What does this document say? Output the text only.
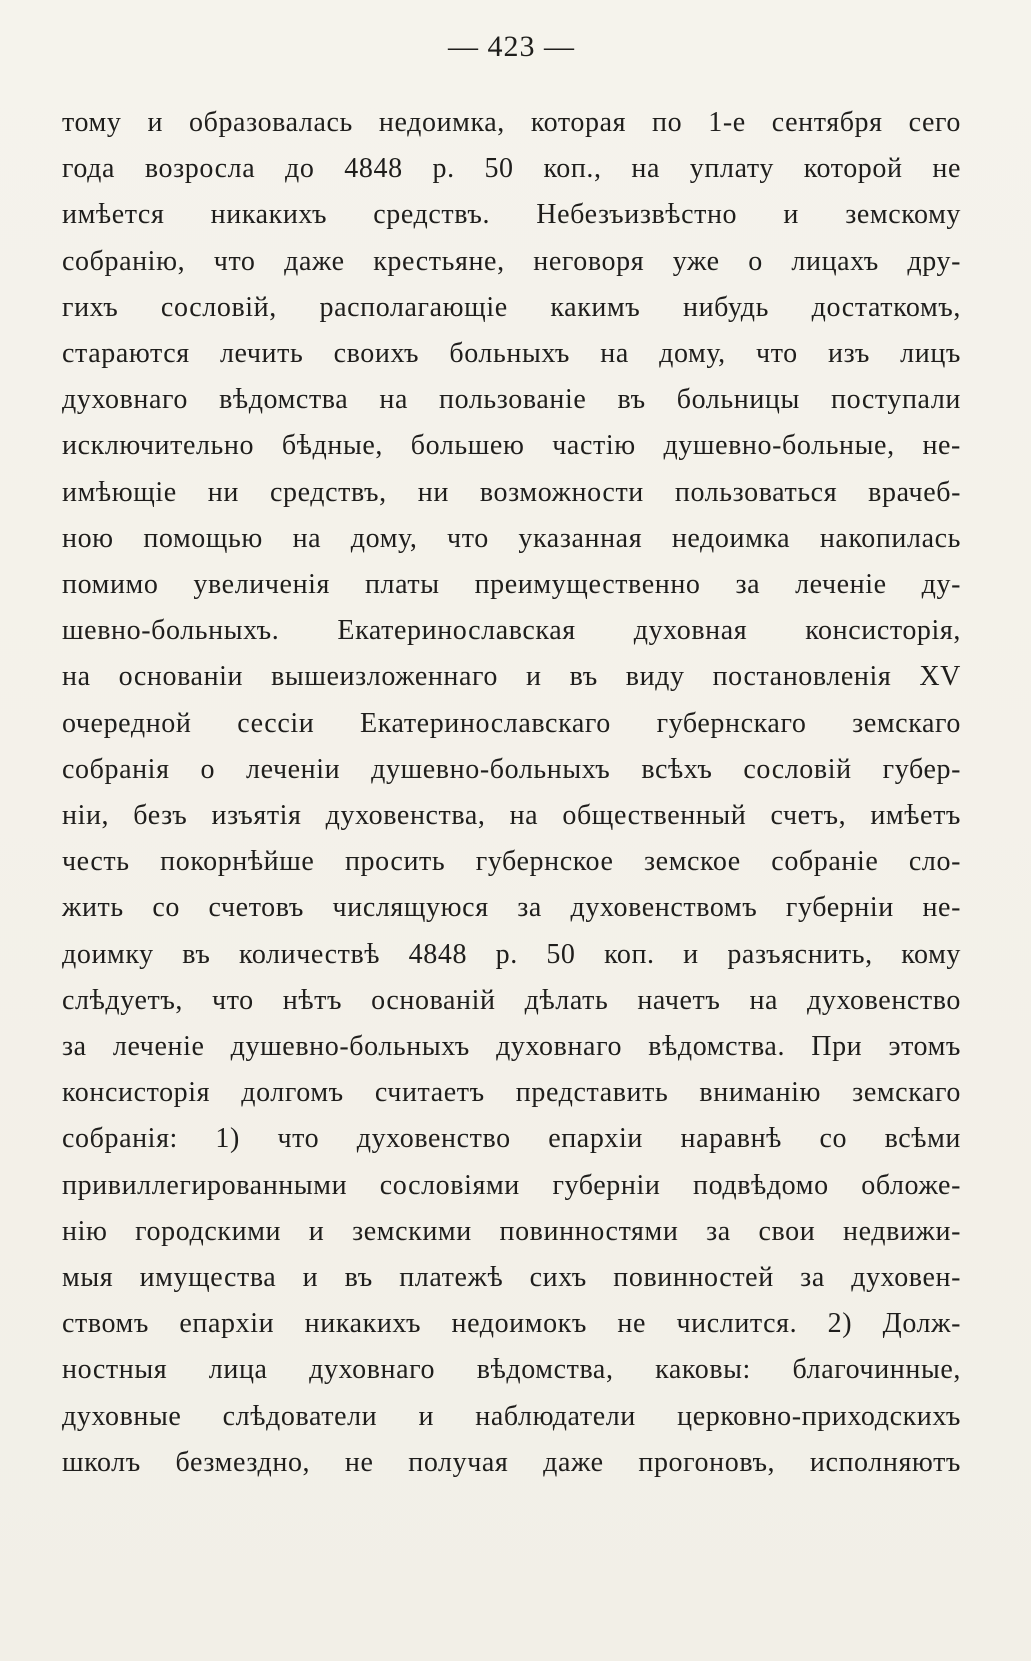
— 423 —
тому и образовалась недоимка, которая по 1-е сентября сего
года возросла до 4848 р. 50 коп., на уплату которой не
имѣется никакихъ средствъ. Небезъизвѣстно и земскому
собранію, что даже крестьяне, неговоря уже о лицахъ дру-
гихъ сословій, располагающіе какимъ нибудь достаткомъ,
стараются лечить своихъ больныхъ на дому, что изъ лицъ
духовнаго вѣдомства на пользованіе въ больницы поступали
исключительно бѣдные, большею частію душевно-больные, не-
имѣющіе ни средствъ, ни возможности пользоваться врачеб-
ною помощью на дому, что указанная недоимка накопилась
помимо увеличенія платы преимущественно за леченіе ду-
шевно-больныхъ. Екатеринославская духовная консисторія,
на основаніи вышеизложеннаго и въ виду постановленія XV
очередной сессіи Екатеринославскаго губернскаго земскаго
собранія о леченіи душевно-больныхъ всѣхъ сословій губер-
ніи, безъ изъятія духовенства, на общественный счетъ, имѣетъ
честь покорнѣйше просить губернское земское собраніе сло-
жить со счетовъ числящуюся за духовенствомъ губерніи не-
доимку въ количествѣ 4848 р. 50 коп. и разъяснить, кому
слѣдуетъ, что нѣтъ основаній дѣлать начетъ на духовенство
за леченіе душевно-больныхъ духовнаго вѣдомства. При этомъ
консисторія долгомъ считаетъ представить вниманію земскаго
собранія: 1) что духовенство епархіи наравнѣ со всѣми
привиллегированными сословіями губерніи подвѣдомо обложе-
нію городскими и земскими повинностями за свои недвижи-
мыя имущества и въ платежѣ сихъ повинностей за духовен-
ствомъ епархіи никакихъ недоимокъ не числится. 2) Долж-
ностныя лица духовнаго вѣдомства, каковы: благочинные,
духовные слѣдователи и наблюдатели церковно-приходскихъ
школъ безмездно, не получая даже прогоновъ, исполняютъ
